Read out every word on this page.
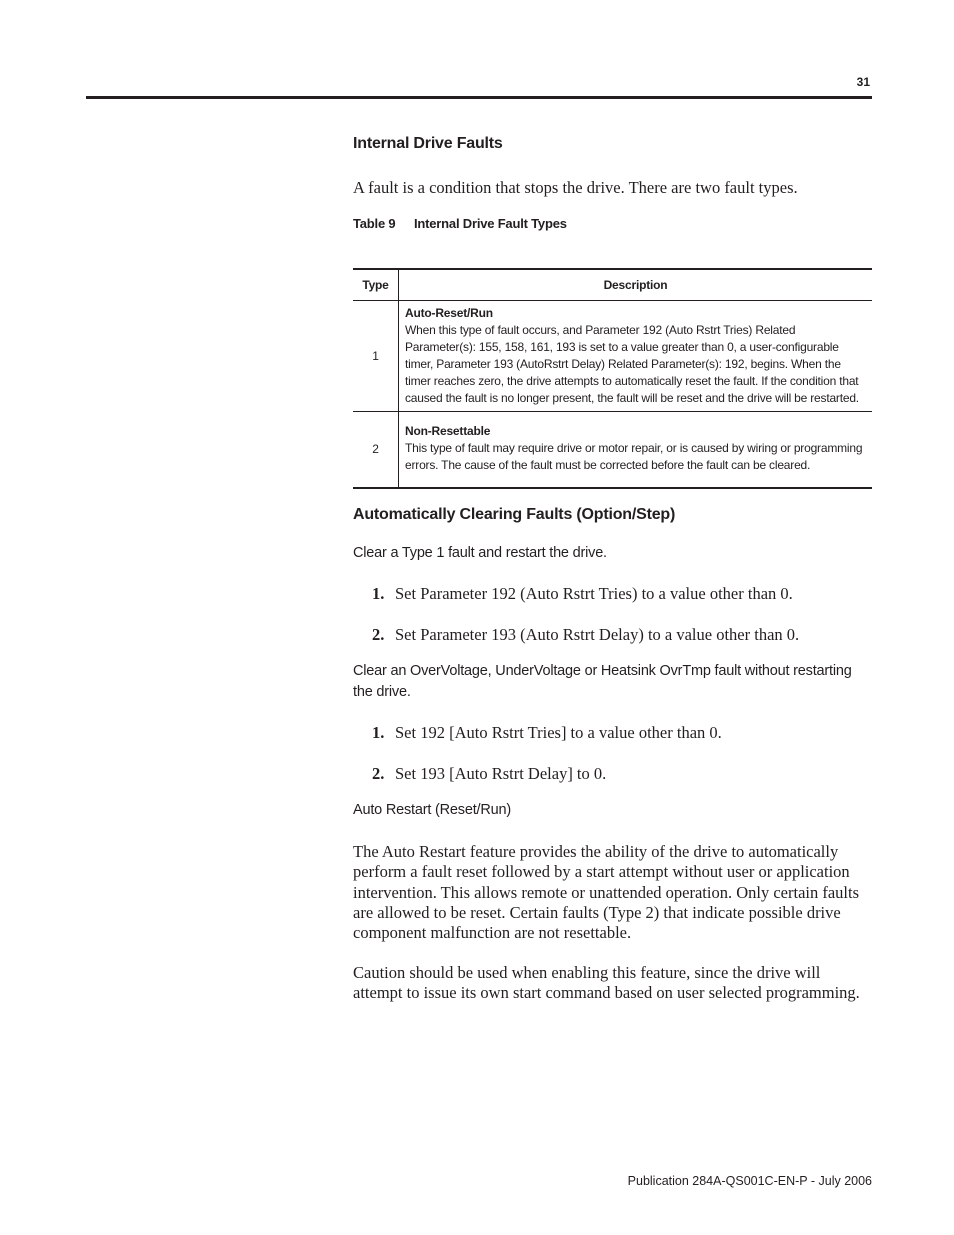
31
Internal Drive Faults
A fault is a condition that stops the drive. There are two fault types.
Table 9 Internal Drive Fault Types
Type	Description
1	Auto-Reset/Run
When this type of fault occurs, and Parameter 192 (Auto Rstrt Tries) Related Parameter(s): 155, 158, 161, 193 is set to a value greater than 0, a user-configurable timer, Parameter 193 (AutoRstrt Delay) Related Parameter(s): 192, begins. When the timer reaches zero, the drive attempts to automatically reset the fault. If the condition that caused the fault is no longer present, the fault will be reset and the drive will be restarted.
2	Non-Resettable
This type of fault may require drive or motor repair, or is caused by wiring or programming errors. The cause of the fault must be corrected before the fault can be cleared.
Automatically Clearing Faults (Option/Step)
Clear a Type 1 fault and restart the drive.
1. Set Parameter 192 (Auto Rstrt Tries) to a value other than 0.
2. Set Parameter 193 (Auto Rstrt Delay) to a value other than 0.
Clear an OverVoltage, UnderVoltage or Heatsink OvrTmp fault without restarting the drive.
1. Set 192 [Auto Rstrt Tries] to a value other than 0.
2. Set 193 [Auto Rstrt Delay] to 0.
Auto Restart (Reset/Run)
The Auto Restart feature provides the ability of the drive to automatically perform a fault reset followed by a start attempt without user or application intervention. This allows remote or unattended operation. Only certain faults are allowed to be reset. Certain faults (Type 2) that indicate possible drive component malfunction are not resettable.
Caution should be used when enabling this feature, since the drive will attempt to issue its own start command based on user selected programming.
Publication 284A-QS001C-EN-P - July 2006
